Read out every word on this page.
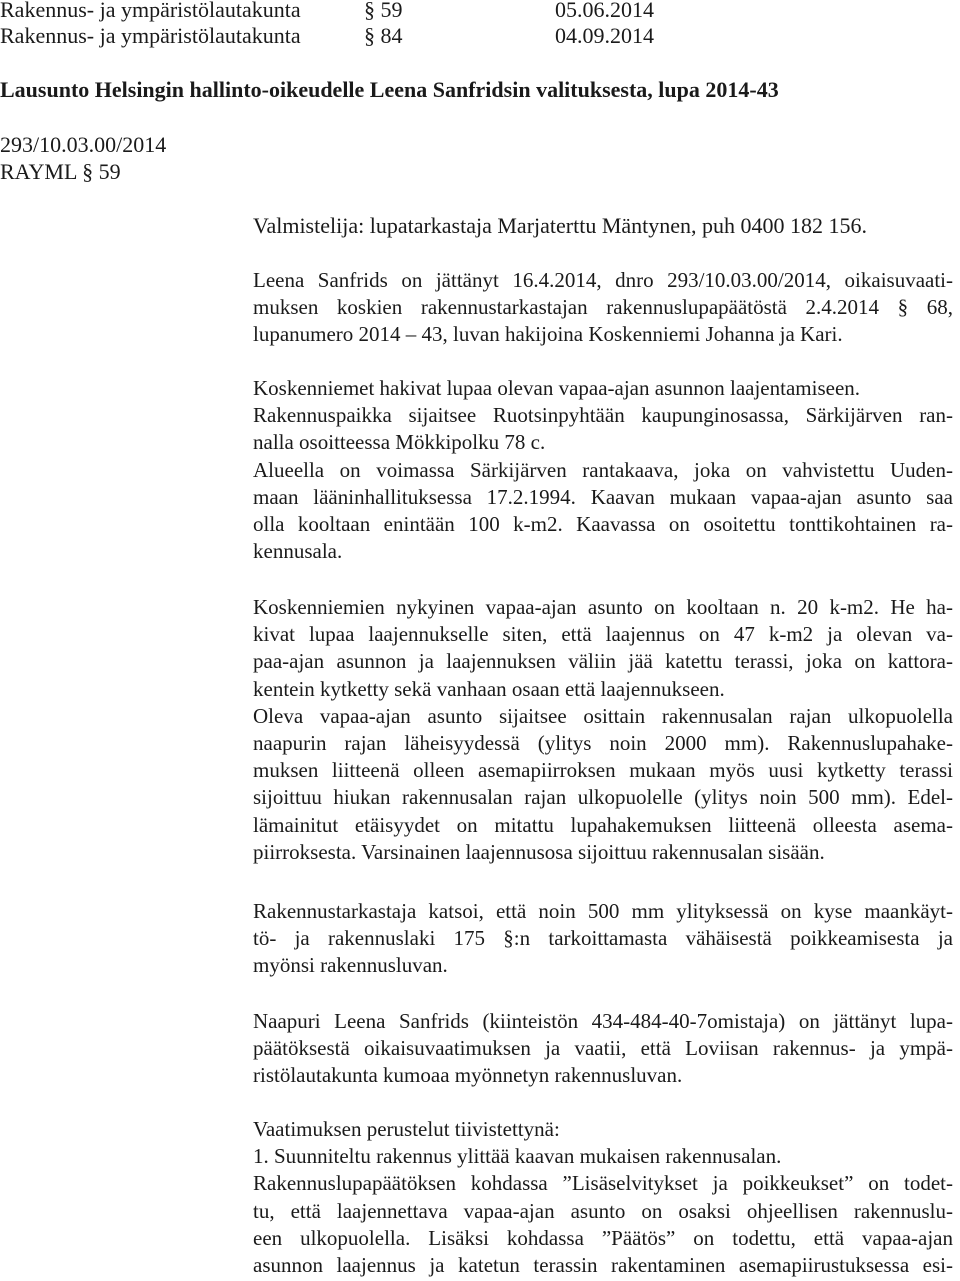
Rakennus- ja ympäristölautakunta	§ 59	05.06.2014
Rakennus- ja ympäristölautakunta	§ 84	04.09.2014
Lausunto Helsingin hallinto-oikeudelle Leena Sanfridsin valituksesta, lupa 2014-43
293/10.03.00/2014
RAYML § 59
Valmistelija: lupatarkastaja Marjaterttu Mäntynen, puh 0400 182 156.
Leena Sanfrids on jättänyt 16.4.2014, dnro 293/10.03.00/2014, oikaisuvaati-
muksen koskien rakennustarkastajan rakennuslupapäätöstä 2.4.2014 § 68,
lupanumero 2014 – 43, luvan hakijoina Koskenniemi Johanna ja Kari.
Koskenniemet hakivat lupaa olevan vapaa-ajan asunnon laajentamiseen.
Rakennuspaikka sijaitsee Ruotsinpyhtään kaupunginosassa, Särkijärven ran-
nalla osoitteessa Mökkipolku 78 c.
Alueella on voimassa Särkijärven rantakaava, joka on vahvistettu Uuden-
maan lääninhallituksessa 17.2.1994. Kaavan mukaan vapaa-ajan asunto saa
olla kooltaan enintään 100 k-m2. Kaavassa on osoitettu tonttikohtainen ra-
kennusala.
Koskenniemien nykyinen vapaa-ajan asunto on kooltaan n. 20 k-m2. He ha-
kivat lupaa laajennukselle siten, että laajennus on 47 k-m2 ja olevan va-
paa-ajan asunnon ja laajennuksen väliin jää katettu terassi, joka on kattora-
kentein kytketty sekä vanhaan osaan että laajennukseen.
Oleva vapaa-ajan asunto sijaitsee osittain rakennusalan rajan ulkopuolella
naapurin rajan läheisyydessä (ylitys noin 2000 mm). Rakennuslupahake-
muksen liitteenä olleen asemapiirroksen mukaan myös uusi kytketty terassi
sijoittuu hiukan rakennusalan rajan ulkopuolelle (ylitys noin 500 mm). Edel-
lämainitut etäisyydet on mitattu lupahakemuksen liitteenä olleesta asema-
piirroksesta. Varsinainen laajennusosa sijoittuu rakennusalan sisään.
Rakennustarkastaja katsoi, että noin 500 mm ylityksessä on kyse maankäyt-
tö- ja rakennuslaki 175 §:n tarkoittamasta vähäisestä poikkeamisesta ja
myönsi rakennusluvan.
Naapuri Leena Sanfrids (kiinteistön 434-484-40-7omistaja) on jättänyt lupa-
päätöksestä oikaisuvaatimuksen ja vaatii, että Loviisan rakennus- ja ympä-
ristölautakunta kumoaa myönnetyn rakennusluvan.
Vaatimuksen perustelut tiivistettynä:
1. Suunniteltu rakennus ylittää kaavan mukaisen rakennusalan.
Rakennuslupapäätöksen kohdassa ”Lisäselvitykset ja poikkeukset” on todet-
tu, että laajennettava vapaa-ajan asunto on osaksi ohjeellisen rakennuslu-
een ulkopuolella. Lisäksi kohdassa ”Päätös” on todettu, että vapaa-ajan
asunnon laajennus ja katetun terassin rakentaminen asemapiirustuksessa esi-
